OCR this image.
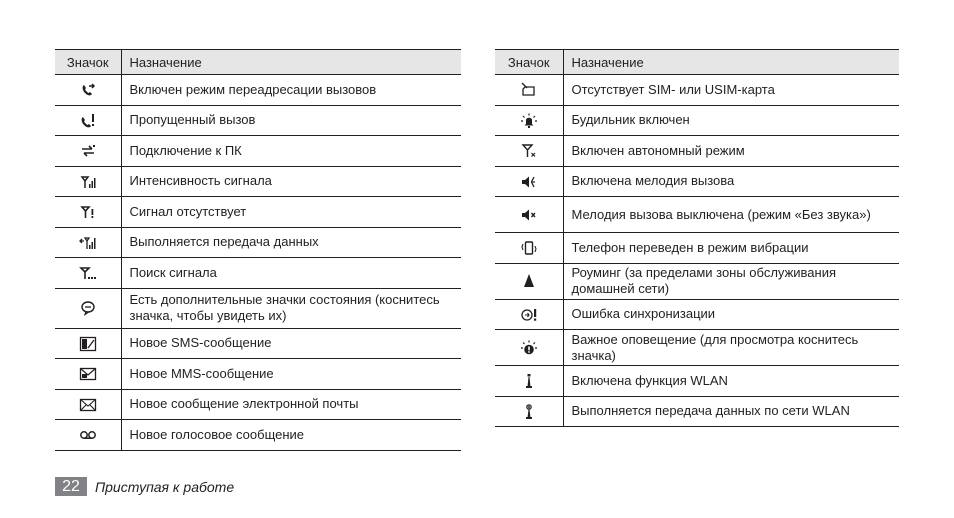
Значок	Назначение

	Включен режим переадресации вызовов

	Пропущенный вызов

	Подключение к ПК

	Интенсивность сигнала

	Сигнал отсутствует

	Выполняется передача данных

	Поиск сигнала

	Есть дополнительные значки состояния (коснитесь значка, чтобы увидеть их)

	Новое SMS-сообщение

	Новое MMS-сообщение

	Новое сообщение электронной почты

	Новое голосовое сообщение
Значок	Назначение

	Отсутствует SIM- или USIM-карта

	Будильник включен

	Включен автономный режим

	Включена мелодия вызова

	Мелодия вызова выключена (режим «Без звука»)

	Телефон переведен в режим вибрации

	Роуминг (за пределами зоны обслуживания домашней сети)

	Ошибка синхронизации

	Важное оповещение (для просмотра коснитесь значка)

	Включена функция WLAN

	Выполняется передача данных по сети WLAN
22	Приступая к работе
